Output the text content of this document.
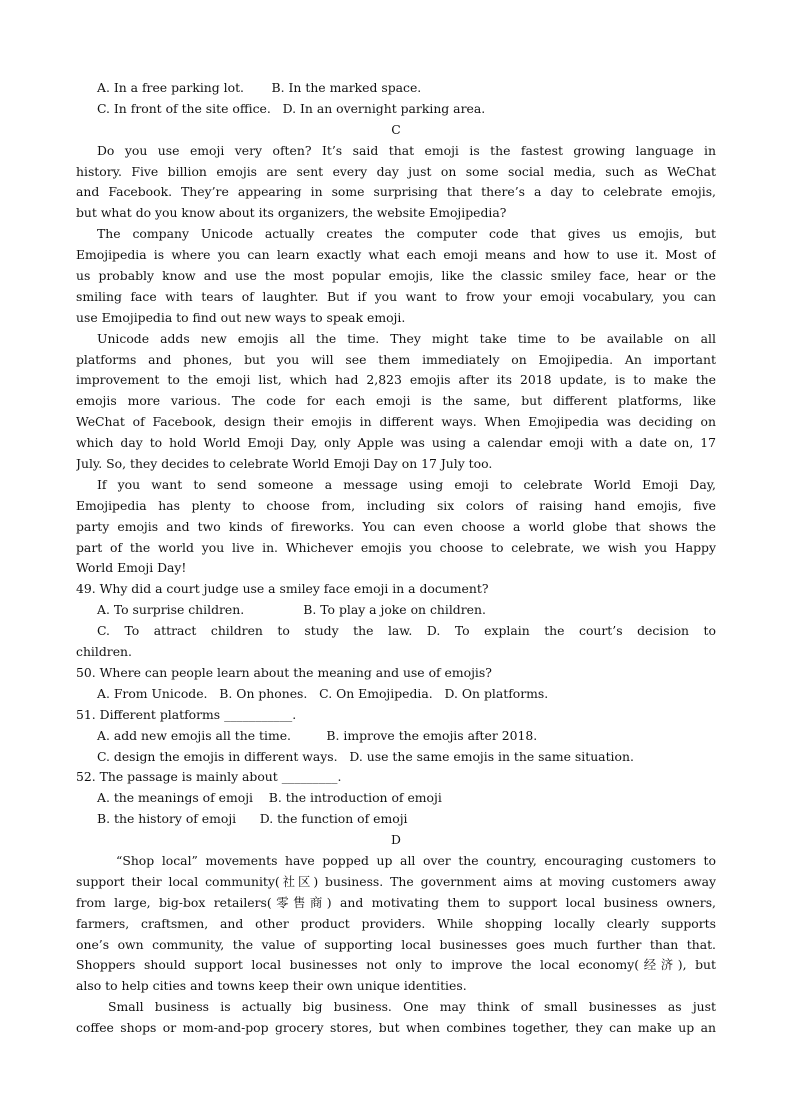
A. In a free parking lot.       B. In the marked space.
C. In front of the site office.   D. In an overnight parking area.
C
Do you use emoji very often? It’s said that emoji is the fastest growing language in
history. Five billion emojis are sent every day just on some social media, such as WeChat
and Facebook. They’re appearing in some surprising that there’s a day to celebrate emojis,
but what do you know about its organizers, the website Emojipedia?
The company Unicode actually creates the computer code that gives us emojis, but
Emojipedia is where you can learn exactly what each emoji means and how to use it. Most of
us probably know and use the most popular emojis, like the classic smiley face, hear or the
smiling face with tears of laughter. But if you want to frow your emoji vocabulary, you can
use Emojipedia to find out new ways to speak emoji.
Unicode adds new emojis all the time. They might take time to be available on all
platforms and phones, but you will see them immediately on Emojipedia. An important
improvement to the emoji list, which had 2,823 emojis after its 2018 update, is to make the
emojis more various. The code for each emoji is the same, but different platforms, like
WeChat of Facebook, design their emojis in different ways. When Emojipedia was deciding on
which day to hold World Emoji Day, only Apple was using a calendar emoji with a date on, 17
July. So, they decides to celebrate World Emoji Day on 17 July too.
If you want to send someone a message using emoji to celebrate World Emoji Day,
Emojipedia has plenty to choose from, including six colors of raising hand emojis, five
party emojis and two kinds of fireworks. You can even choose a world globe that shows the
part of the world you live in. Whichever emojis you choose to celebrate, we wish you Happy
World Emoji Day!
49. Why did a court judge use a smiley face emoji in a document?
A. To surprise children.               B. To play a joke on children.
C. To attract children to study the law. D. To explain the court’s decision to
children.
50. Where can people learn about the meaning and use of emojis?
A. From Unicode.   B. On phones.   C. On Emojipedia.   D. On platforms.
51. Different platforms ___________.
A. add new emojis all the time.         B. improve the emojis after 2018.
C. design the emojis in different ways.   D. use the same emojis in the same situation.
52. The passage is mainly about _________.
A. the meanings of emoji    B. the introduction of emoji
B. the history of emoji      D. the function of emoji
D
“Shop local” movements have popped up all over the country, encouraging customers to
support their local community(社区) business. The government aims at moving customers away
from large, big-box retailers(零售商) and motivating them to support local business owners,
farmers, craftsmen, and other product providers. While shopping locally clearly supports
one’s own community, the value of supporting local businesses goes much further than that.
Shoppers should support local businesses not only to improve the local economy(经济), but
also to help cities and towns keep their own unique identities.
Small business is actually big business. One may think of small businesses as just
coffee shops or mom-and-pop grocery stores, but when combines together, they can make up an
